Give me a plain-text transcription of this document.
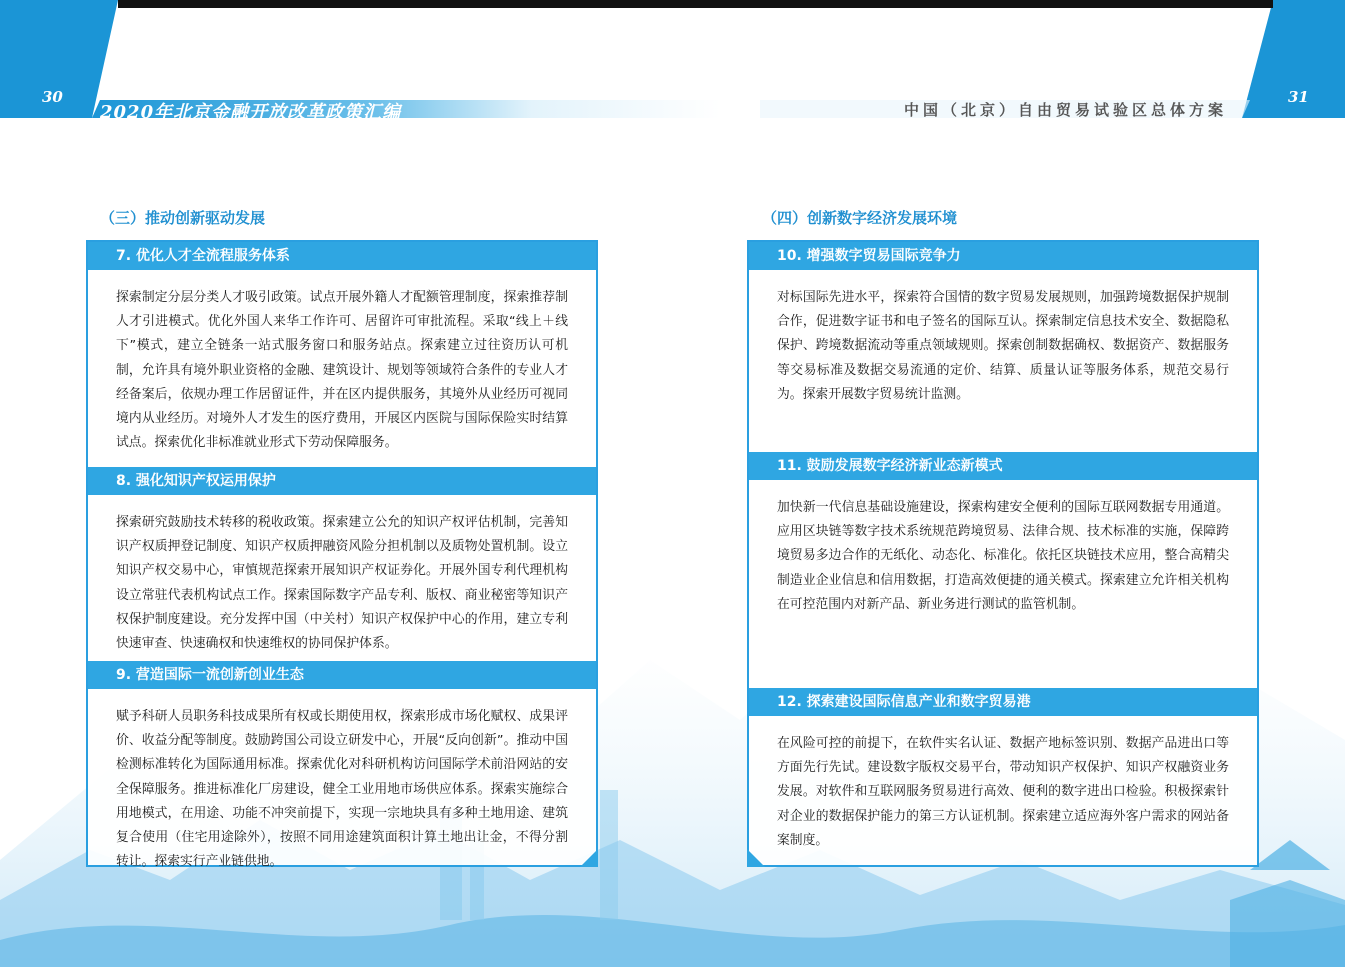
30	31
2020年北京金融开放改革政策汇编	中国（北京）自由贸易试验区总体方案
（三）推动创新驱动发展
7. 优化人才全流程服务体系
探索制定分层分类人才吸引政策。试点开展外籍人才配额管理制度，探索推荐制人才引进模式。优化外国人来华工作许可、居留许可审批流程。采取“线上＋线下”模式，建立全链条一站式服务窗口和服务站点。探索建立过往资历认可机制，允许具有境外职业资格的金融、建筑设计、规划等领域符合条件的专业人才经备案后，依规办理工作居留证件，并在区内提供服务，其境外从业经历可视同境内从业经历。对境外人才发生的医疗费用，开展区内医院与国际保险实时结算试点。探索优化非标准就业形式下劳动保障服务。
8. 强化知识产权运用保护
探索研究鼓励技术转移的税收政策。探索建立公允的知识产权评估机制，完善知识产权质押登记制度、知识产权质押融资风险分担机制以及质物处置机制。设立知识产权交易中心，审慎规范探索开展知识产权证券化。开展外国专利代理机构设立常驻代表机构试点工作。探索国际数字产品专利、版权、商业秘密等知识产权保护制度建设。充分发挥中国（中关村）知识产权保护中心的作用，建立专利快速审查、快速确权和快速维权的协同保护体系。
9. 营造国际一流创新创业生态
赋予科研人员职务科技成果所有权或长期使用权，探索形成市场化赋权、成果评价、收益分配等制度。鼓励跨国公司设立研发中心，开展“反向创新”。推动中国检测标准转化为国际通用标准。探索优化对科研机构访问国际学术前沿网站的安全保障服务。推进标准化厂房建设，健全工业用地市场供应体系。探索实施综合用地模式，在用途、功能不冲突前提下，实现一宗地块具有多种土地用途、建筑复合使用（住宅用途除外），按照不同用途建筑面积计算土地出让金，不得分割转让。探索实行产业链供地。
（四）创新数字经济发展环境
10. 增强数字贸易国际竞争力
对标国际先进水平，探索符合国情的数字贸易发展规则，加强跨境数据保护规制合作，促进数字证书和电子签名的国际互认。探索制定信息技术安全、数据隐私保护、跨境数据流动等重点领域规则。探索创制数据确权、数据资产、数据服务等交易标准及数据交易流通的定价、结算、质量认证等服务体系，规范交易行为。探索开展数字贸易统计监测。
11. 鼓励发展数字经济新业态新模式
加快新一代信息基础设施建设，探索构建安全便利的国际互联网数据专用通道。应用区块链等数字技术系统规范跨境贸易、法律合规、技术标准的实施，保障跨境贸易多边合作的无纸化、动态化、标准化。依托区块链技术应用，整合高精尖制造业企业信息和信用数据，打造高效便捷的通关模式。探索建立允许相关机构在可控范围内对新产品、新业务进行测试的监管机制。
12. 探索建设国际信息产业和数字贸易港
在风险可控的前提下，在软件实名认证、数据产地标签识别、数据产品进出口等方面先行先试。建设数字版权交易平台，带动知识产权保护、知识产权融资业务发展。对软件和互联网服务贸易进行高效、便利的数字进出口检验。积极探索针对企业的数据保护能力的第三方认证机制。探索建立适应海外客户需求的网站备案制度。
